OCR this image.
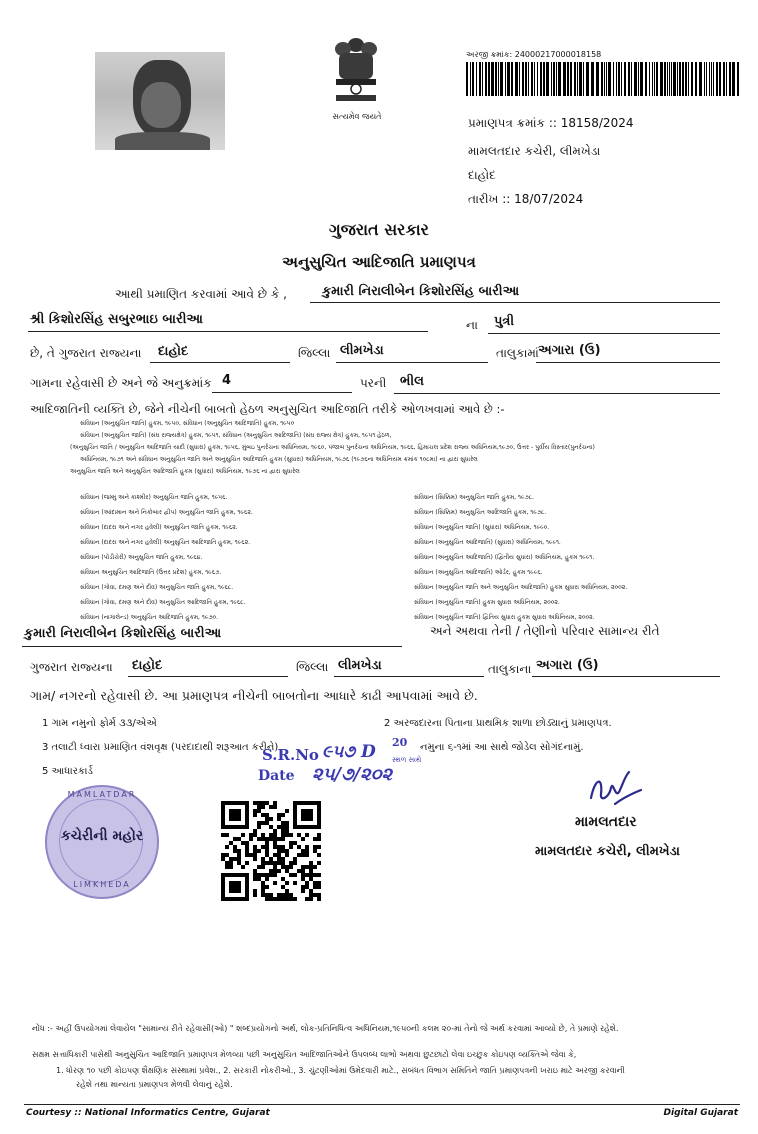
સત્યમેવ જયતે
અરજી ક્રમાંક: 24000217000018158
પ્રમાણપત્ર ક્રમાંક :: 18158/2024
મામલતદાર કચેરી, લીમખેડા
દાહોદ
તારીખ :: 18/07/2024
ગુજરાત સરકાર
અનુસુચિત આદિજાતિ પ્રમાણપત્ર
આથી પ્રમાણિત કરવામાં આવે છે કે ,	કુમારી નિરાલીબેન કિશોરસિંહ બારીઆ
શ્રી કિશોરસિંહ સબુરભાઇ બારીઆ	ના પુત્રી
છે, તે ગુજરાત રાજ્યના દાહોદ	જિલ્લા લીમખેડા	તાલુકામાં અગારા (ઉ)
ગામના રહેવાસી છે અને જે અનુક્રમાંક 4	પરની ભીલ
આદિજાતિની વ્યક્તિ છે, જેને નીચેની બાબતો હેઠળ અનુસુચિત આદિજાતિ તરીકે ઓળખવામાં આવે છે :-
સંવિધાન (અનુસુચિત જાતિ) હુકમ, ૧૯૫૦, સંવિધાન (અનુસુચિત આદિજાતિ) હુકમ, ૧૯૫૦
સંવિધાન (અનુસુચિત જાતિ) (સંઘ રાજ્યક્ષેત્ર) હુકમ, ૧૯૫૧, સંવિધાન (અનુસુચિત આદિજાતિ) (સંઘ રાજ્ય ક્ષેત્ર) હુકમ, ૧૯૫૧ હેઠળ,
(અનુસુચિત જાતિ / અનુસુચિત આદિજાતિ યાદી (સુધારા) હુકમ, ૧૯૫૬, મુંબઇ પુનર્રચના અધિનિયમ, ૧૯૬૦, પંજાબ પુનર્રચના અધિનિયમ, ૧૯૬૬, હિમાચલ પ્રદેશ રાજ્ય અધિનિયમ,૧૯૭૦, ઉત્તર - પુર્વીય વિસ્તાર(પુનર્રચના)
અધિનિયમ, ૧૯૭૧ અને સંવિધાન અનુસુચિત જાતિ અને અનુસુચિત આદિજાતિ હુકમ (સુધારા) અધિનિયમ, ૧૯૭૬ (૧૯૭૬ના અધિનિયમ ક્રમાંક ૧૦૮મા) ના દ્વારા સુધારેલ
અનુસુચિત જાતિ અને અનુસુચિત આદિજાતિ હુકમ (સુધારા) અધિનિયમ, ૧૯૭૬ ના દ્વારા સુધારેલ
સંવિધાન (જમ્મુ અને કાશ્મીર) અનુસુચિત જાતિ હુકમ, ૧૯૫૬.
સંવિધાન (આંદામાન અને નિકોબાર દ્વીપ) અનુસુચિત જાતિ હુકમ, ૧૯૬૨.
સંવિધાન (દાદરા અને નગર હવેલી) અનુસુચિત જાતિ હુકમ, ૧૯૬૨.
સંવિધાન (દાદરા અને નગર હવેલી) અનુસુચિત આદિજાતિ હુકમ, ૧૯૬૨.
સંવિધાન (પોંડીચેરી) અનુસુચિત જાતિ હુકમ, ૧૯૬૪.
સંવિધાન અનુસુચિત આદિજાતિ (ઉત્તર પ્રદેશ) હુકમ, ૧૯૬૭.
સંવિધાન (ગોવા, દમણ અને દીવ) અનુસુચિત જાતિ હુકમ, ૧૯૬૮.
સંવિધાન (ગોવા, દમણ અને દીવ) અનુસુચિત આદિજાતિ હુકમ, ૧૯૬૮.
સંવિધાન (નાગાલેન્ડ) અનુસુચિત આદિજાતિ હુકમ, ૧૯૭૦.
સંવિધાન (સિક્કિમ) અનુસુચિત જાતિ હુકમ, ૧૯૭૮.
સંવિધાન (સિક્કિમ) અનુસુચિત આદિજાતિ હુકમ, ૧૯૭૮.
સંવિધાન (અનુસુચિત જાતિ) (સુધારા) અધિનિયમ, ૧૯૯૦.
સંવિધાન (અનુસુચિત આદિજાતિ) (સુધારા) અધિનિયમ, ૧૯૯૧.
સંવિધાન (અનુસુચિત આદિજાતિ) (દ્વિતીય સુધારા) અધિનિયમ, હુકમ ૧૯૯૧.
સંવિધાન (અનુસુચિત આદિજાતિ) ઓર્ડર, હુકમ ૧૯૯૬.
સંવિધાન (અનુસુચિત જાતિ અને અનુસુચિત આદિજાતિ) હુકમ સુધારા અધિનિયમ, ૨૦૦૨.
સંવિધાન (અનુસુચિત જાતિ) હુકમ સુધારા અધિનિયમ, ૨૦૦૨.
સંવિધાન (અનુસુચિત જાતિ) દ્વિતિય સુધારા હુકમ સુધારા અધિનિયમ, ૨૦૦૨.
કુમારી નિરાલીબેન કિશોરસિંહ બારીઆ	અને અથવા તેની / તેણીનો પરિવાર સામાન્ય રીતે
ગુજરાત રાજ્યના દાહોદ	જિલ્લા લીમખેડા	તાલુકાના અગારા (ઉ)
ગામ/ નગરનો રહેવાસી છે. આ પ્રમાણપત્ર નીચેની બાબતોના આધારે કાઢી આપવામાં આવે છે.
1 ગામ નમુનો ફોર્મ ૩૩/એએ	2 અરજદારના પિતાના પ્રાથમિક શાળા છોડ્યાનું પ્રમાણપત્ર.
3 તલાટી ધ્વારા પ્રમાણિત વંશવૃક્ષ (પરદાદાથી શરૂઆત કરીને)	નમુના ૬-૧માં આ સાથે જોડેલ સોગંદનામું.
5 આધારકાર્ડ
S.R.No ૯૫૭ D 20
Date ૨૫/૭/૨૦૨
સ્થળ સાથે
MAMLATDAR
કચેરીની મહોર
LIMKHEDA
મામલતદાર
મામલતદાર કચેરી, લીમખેડા
નોંધ :- અહીં ઉપયોગમાં લેવાયેલ "સામાન્ય રીતે રહેવાસી(ઓ) " શબ્દપ્રયોગનો અર્થ, લોક-પ્રતિનિધિત્વ અધિનિયમ,૧૯૫૦ની કલમ ૨૦-માં તેનો જે અર્થ કરવામાં આવ્યો છે, તે પ્રમાણે રહેશે.
સક્ષમ સત્તાધિકારી પાસેથી અનુસુચિત આદિજાતિ પ્રમાણપત્ર મેળવ્યા પછી અનુસુચિત આદિજાતિઓને ઉપલબ્ધ લાભો અથવા છુટછાટો લેવા ઇચ્છુક કોઇપણ વ્યક્તિએ જેવા કે,
1. ધોરણ ૧૦ પછી કોઇપણ શૈક્ષણિક સંસ્થામાં પ્રવેશ., 2. સરકારી નોકરીઓ., 3. ચુંટણીઓમાં ઉમેદવારી માટે., સંબંધત વિભાગ સમિતિને જાતિ પ્રમાણપત્રની ખરાઇ માટે અરજી કરવાની
રહેશે તથા માન્યતા પ્રમાણપત્ર મેળવી લેવાનું રહેશે.
Courtesy :: National Informatics Centre, Gujarat	Digital Gujarat
